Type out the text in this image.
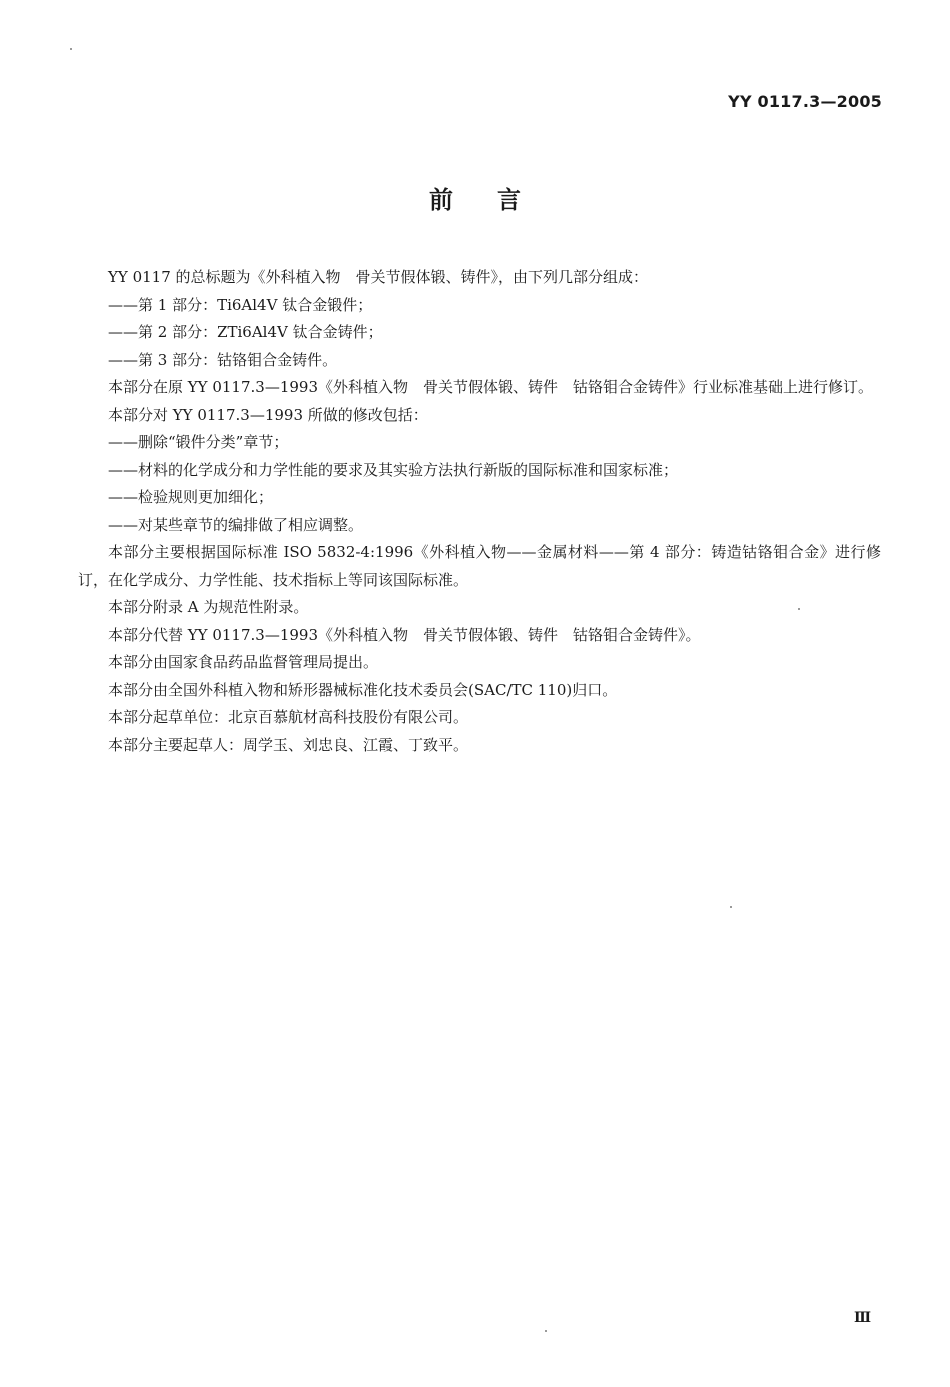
YY 0117.3—2005
前言

YY 0117 的总标题为《外科植入物　骨关节假体锻、铸件》，由下列几部分组成：

——第 1 部分：Ti6Al4V 钛合金锻件；

——第 2 部分：ZTi6Al4V 钛合金铸件；

——第 3 部分：钴铬钼合金铸件。

本部分在原 YY 0117.3—1993《外科植入物　骨关节假体锻、铸件　钴铬钼合金铸件》行业标准基础上进行修订。

本部分对 YY 0117.3—1993 所做的修改包括：

——删除“锻件分类”章节；

——材料的化学成分和力学性能的要求及其实验方法执行新版的国际标准和国家标准；

——检验规则更加细化；

——对某些章节的编排做了相应调整。

本部分主要根据国际标准 ISO 5832-4:1996《外科植入物——金属材料——第 4 部分：铸造钴铬钼合金》进行修订，在化学成分、力学性能、技术指标上等同该国际标准。

本部分附录 A 为规范性附录。

本部分代替 YY 0117.3—1993《外科植入物　骨关节假体锻、铸件　钴铬钼合金铸件》。

本部分由国家食品药品监督管理局提出。

本部分由全国外科植入物和矫形器械标准化技术委员会(SAC/TC 110)归口。

本部分起草单位：北京百慕航材高科技股份有限公司。

本部分主要起草人：周学玉、刘忠良、江霞、丁致平。

Ⅲ
